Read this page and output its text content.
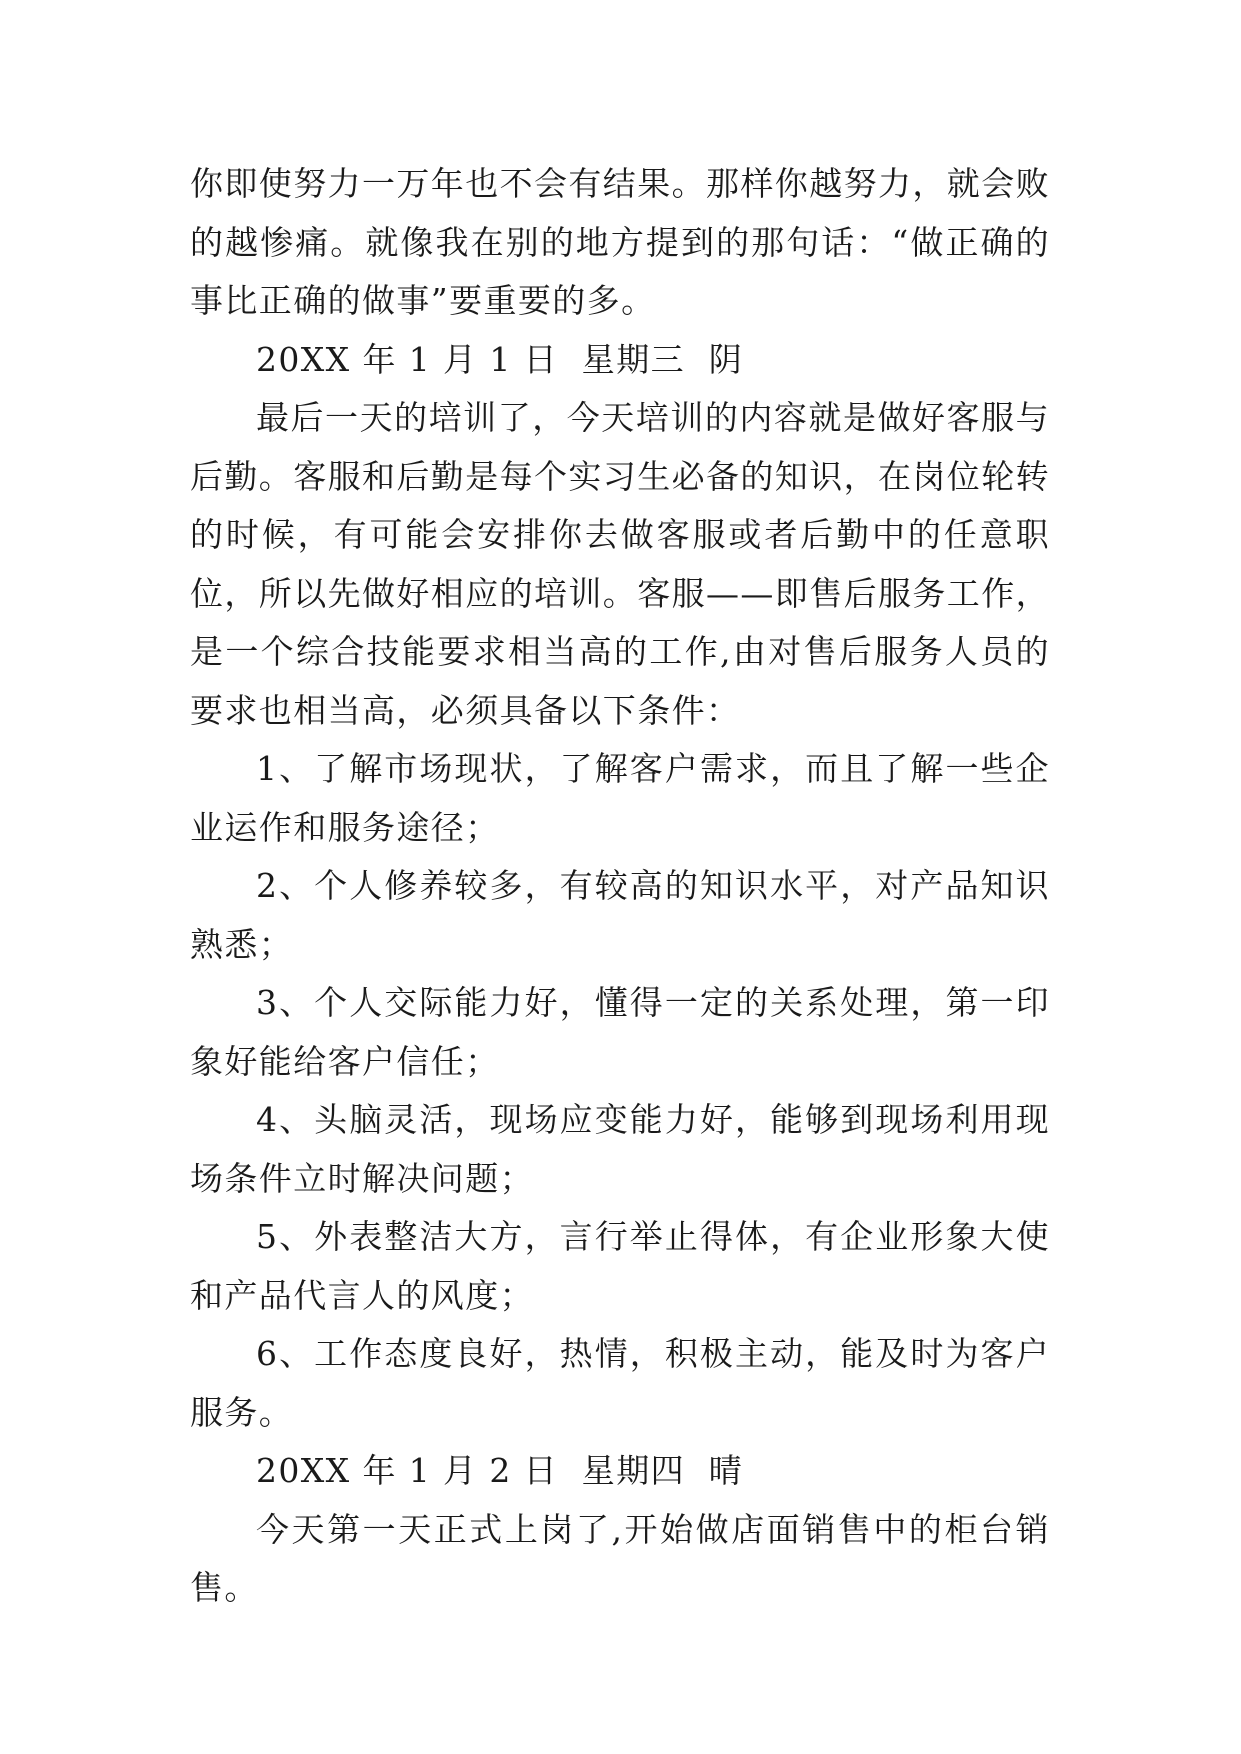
你即使努力一万年也不会有结果。那样你越努力，就会败的越惨痛。就像我在别的地方提到的那句话：“做正确的事比正确的做事”要重要的多。

20XX 年 1 月 1 日  星期三  阴

最后一天的培训了，今天培训的内容就是做好客服与后勤。客服和后勤是每个实习生必备的知识，在岗位轮转的时候，有可能会安排你去做客服或者后勤中的任意职位，所以先做好相应的培训。客服——即售后服务工作，是一个综合技能要求相当高的工作,由对售后服务人员的要求也相当高，必须具备以下条件：

1、了解市场现状，了解客户需求，而且了解一些企业运作和服务途径；

2、个人修养较多，有较高的知识水平，对产品知识熟悉；

3、个人交际能力好，懂得一定的关系处理，第一印象好能给客户信任；

4、头脑灵活，现场应变能力好，能够到现场利用现场条件立时解决问题；

5、外表整洁大方，言行举止得体，有企业形象大使和产品代言人的风度；

6、工作态度良好，热情，积极主动，能及时为客户服务。

20XX 年 1 月 2 日  星期四  晴

今天第一天正式上岗了,开始做店面销售中的柜台销售。
